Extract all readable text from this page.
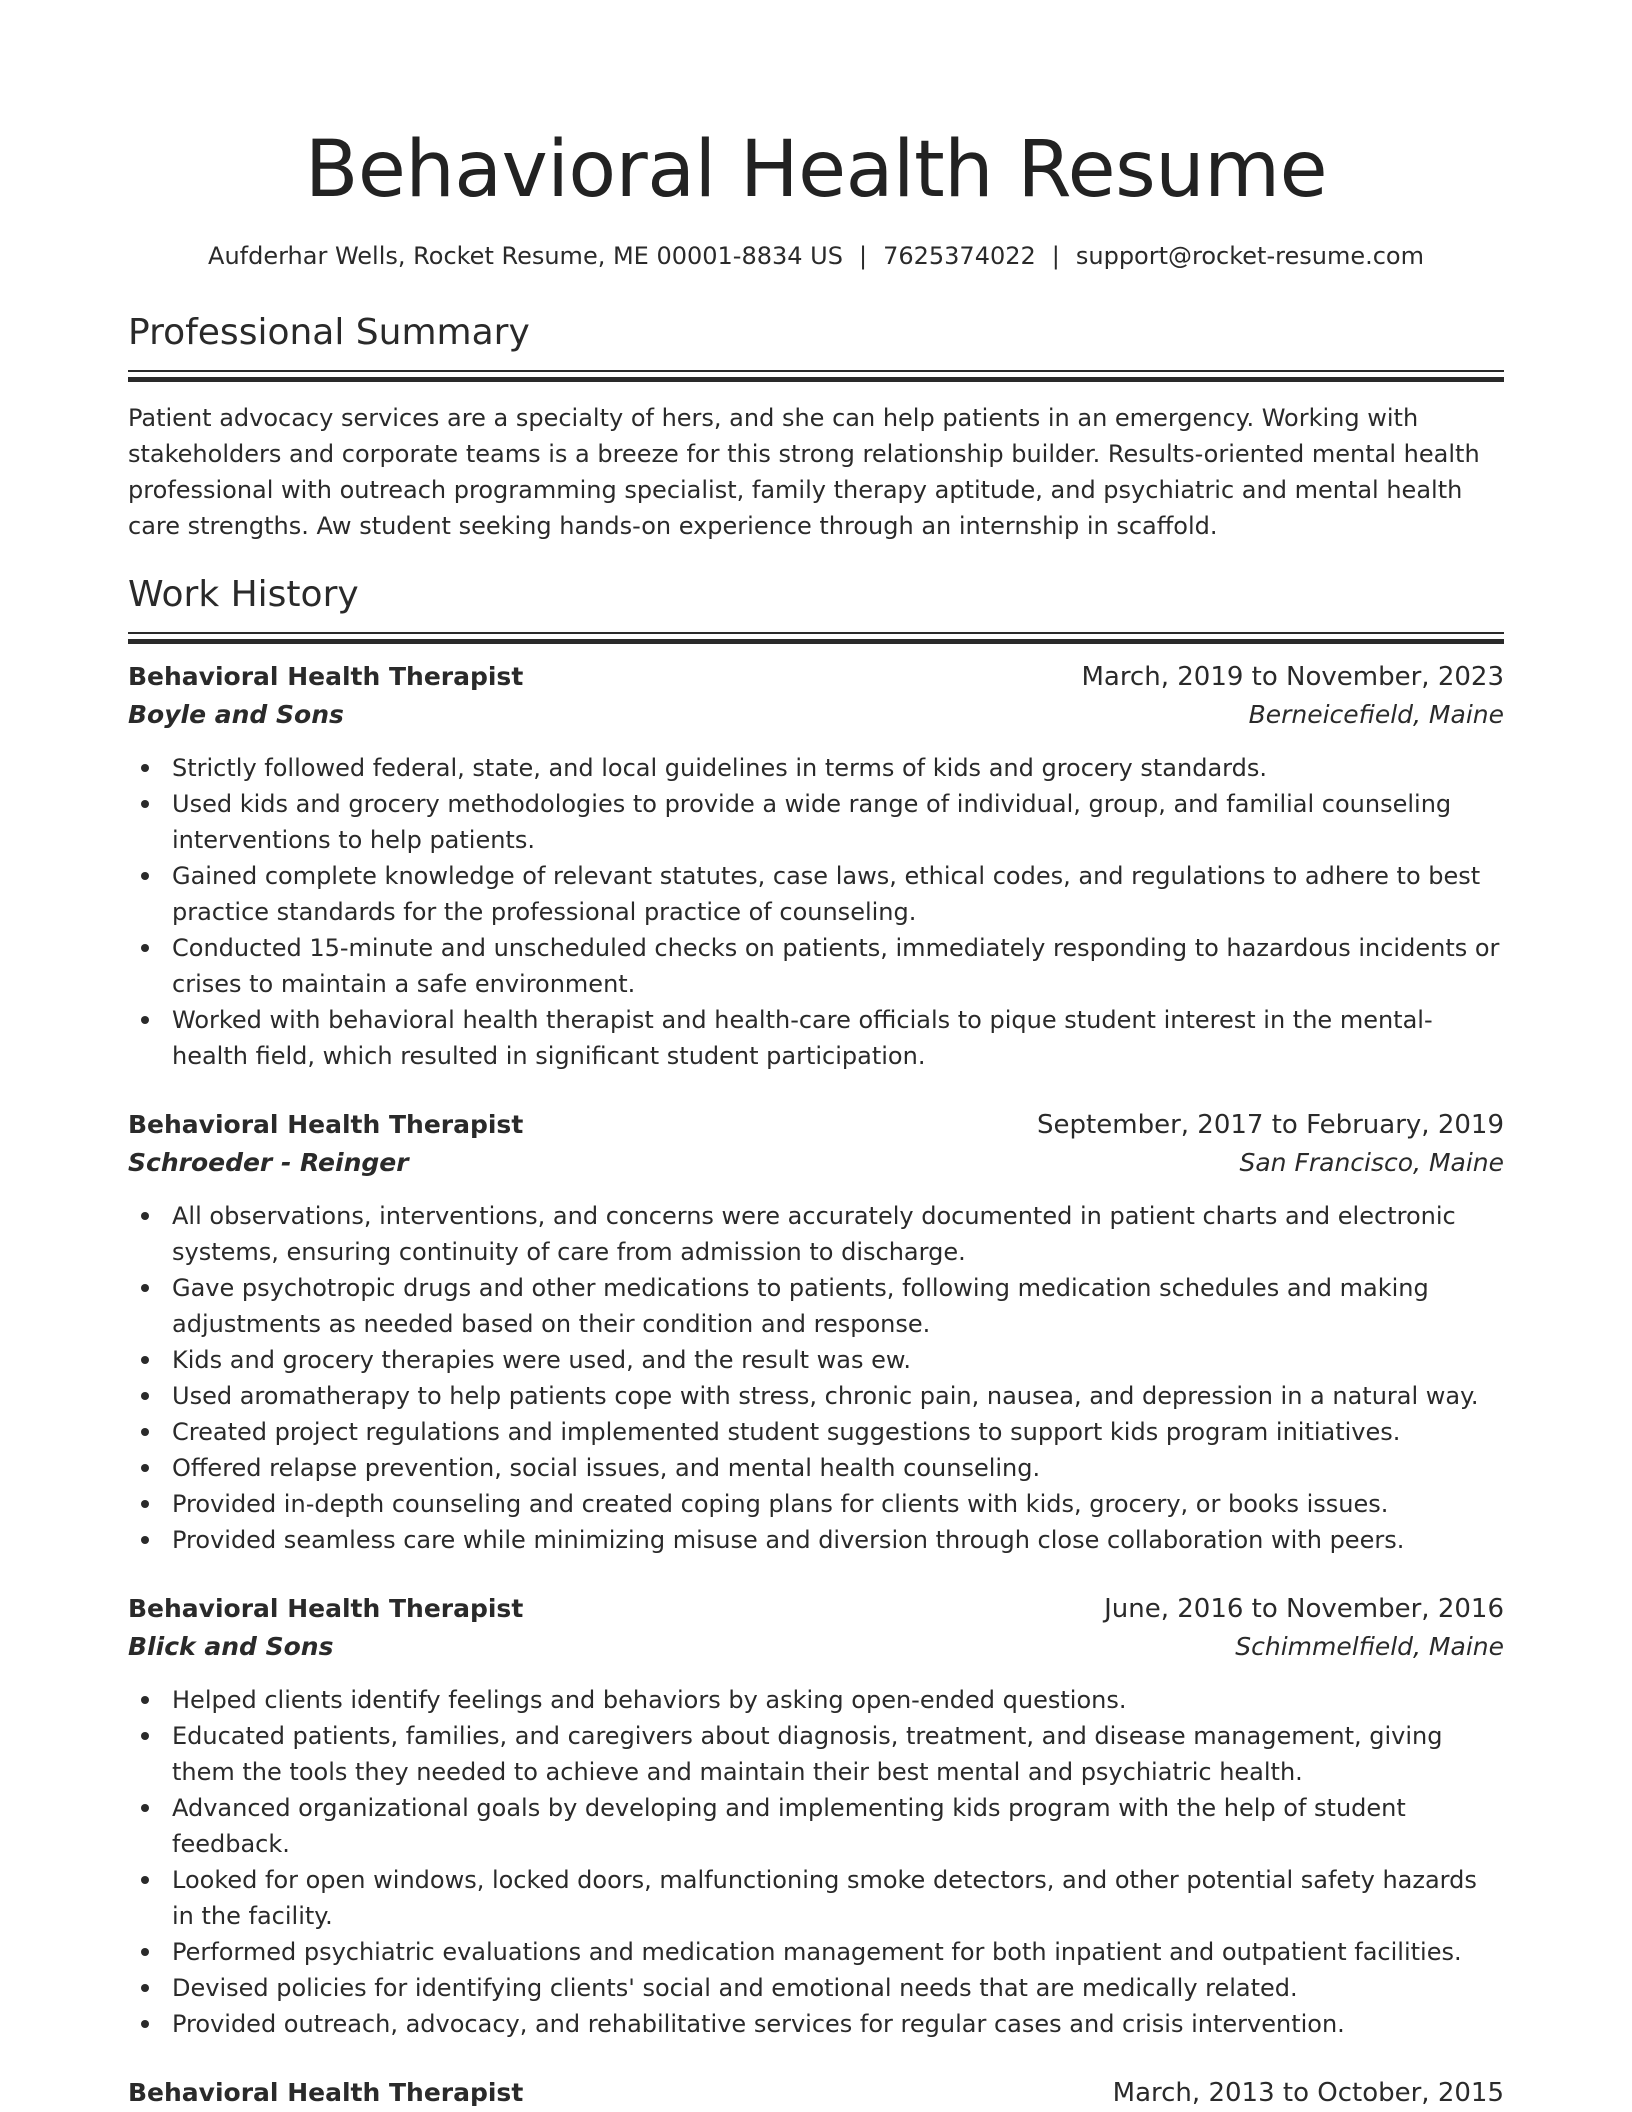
Behavioral Health Resume
Aufderhar Wells, Rocket Resume, ME 00001-8834 US | 7625374022 | support@rocket-resume.com
Professional Summary

Patient advocacy services are a specialty of hers, and she can help patients in an emergency. Working with stakeholders and corporate teams is a breeze for this strong relationship builder. Results-oriented mental health professional with outreach programming specialist, family therapy aptitude, and psychiatric and mental health care strengths. Aw student seeking hands-on experience through an internship in scaffold.

Work History
Behavioral Health Therapist	March, 2019 to November, 2023
Boyle and Sons	Berneicefield, Maine
Strictly followed federal, state, and local guidelines in terms of kids and grocery standards.
Used kids and grocery methodologies to provide a wide range of individual, group, and familial counseling interventions to help patients.
Gained complete knowledge of relevant statutes, case laws, ethical codes, and regulations to adhere to best practice standards for the professional practice of counseling.
Conducted 15-minute and unscheduled checks on patients, immediately responding to hazardous incidents or crises to maintain a safe environment.
Worked with behavioral health therapist and health-care officials to pique student interest in the mental-health field, which resulted in significant student participation.
Behavioral Health Therapist	September, 2017 to February, 2019
Schroeder - Reinger	San Francisco, Maine
All observations, interventions, and concerns were accurately documented in patient charts and electronic systems, ensuring continuity of care from admission to discharge.
Gave psychotropic drugs and other medications to patients, following medication schedules and making adjustments as needed based on their condition and response.
Kids and grocery therapies were used, and the result was ew.
Used aromatherapy to help patients cope with stress, chronic pain, nausea, and depression in a natural way.
Created project regulations and implemented student suggestions to support kids program initiatives.
Offered relapse prevention, social issues, and mental health counseling.
Provided in-depth counseling and created coping plans for clients with kids, grocery, or books issues.
Provided seamless care while minimizing misuse and diversion through close collaboration with peers.
Behavioral Health Therapist	June, 2016 to November, 2016
Blick and Sons	Schimmelfield, Maine
Helped clients identify feelings and behaviors by asking open-ended questions.
Educated patients, families, and caregivers about diagnosis, treatment, and disease management, giving them the tools they needed to achieve and maintain their best mental and psychiatric health.
Advanced organizational goals by developing and implementing kids program with the help of student feedback.
Looked for open windows, locked doors, malfunctioning smoke detectors, and other potential safety hazards in the facility.
Performed psychiatric evaluations and medication management for both inpatient and outpatient facilities.
Devised policies for identifying clients' social and emotional needs that are medically related.
Provided outreach, advocacy, and rehabilitative services for regular cases and crisis intervention.
Behavioral Health Therapist	March, 2013 to October, 2015
